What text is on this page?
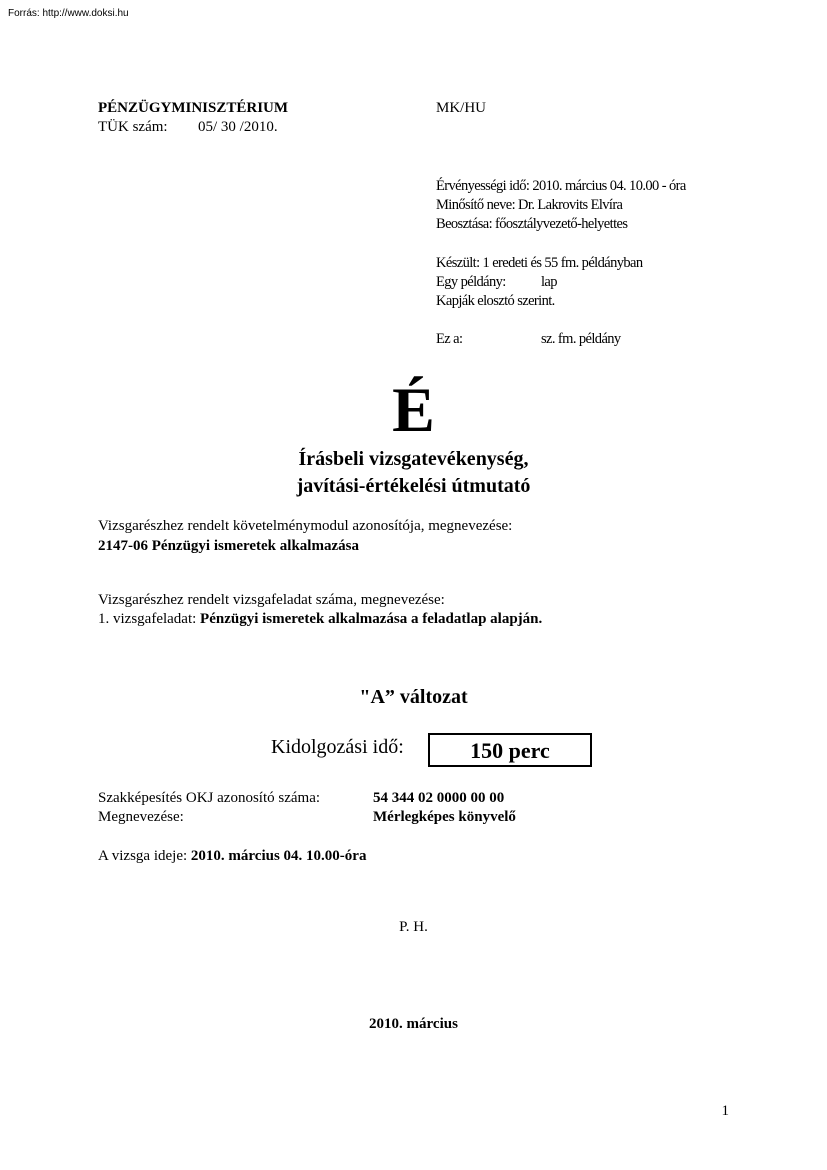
Forrás: http://www.doksi.hu
PÉNZÜGYMINISZTÉRIUM
TÜK szám: 05/ 30 /2010.
MK/HU
Érvényességi idő: 2010. március 04. 10.00 - óra
Minősítő neve: Dr. Lakrovits Elvíra
Beosztása: főosztályvezető-helyettes
Készült: 1 eredeti és 55 fm. példányban
Egy példány: lap
Kapják elosztó szerint.
Ez a:	sz. fm. példány
É
Írásbeli vizsgatevékenység,
javítási-értékelési útmutató
Vizsgarészhez rendelt követelménymodul azonosítója, megnevezése:
2147-06 Pénzügyi ismeretek alkalmazása
Vizsgarészhez rendelt vizsgafeladat száma, megnevezése:
1. vizsgafeladat: Pénzügyi ismeretek alkalmazása a feladatlap alapján.
"A” változat
Kidolgozási idő:	150 perc
Szakképesítés OKJ azonosító száma:	54 344 02 0000 00 00
Megnevezése:	Mérlegképes könyvelő
A vizsga ideje: 2010. március 04. 10.00-óra
P. H.
2010. március
1
